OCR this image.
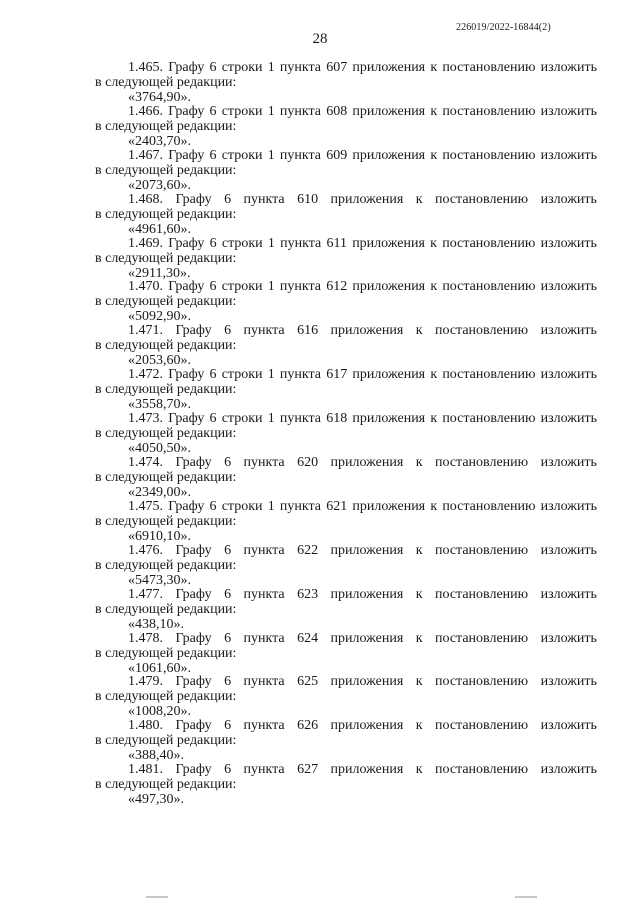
28
226019/2022-16844(2)
1.465. Графу 6 строки 1 пункта 607 приложения к постановлению изложить
в следующей редакции:
«3764,90».
1.466. Графу 6 строки 1 пункта 608 приложения к постановлению изложить
в следующей редакции:
«2403,70».
1.467. Графу 6 строки 1 пункта 609 приложения к постановлению изложить
в следующей редакции:
«2073,60».
1.468. Графу 6 пункта 610 приложения к постановлению изложить
в следующей редакции:
«4961,60».
1.469. Графу 6 строки 1 пункта 611 приложения к постановлению изложить
в следующей редакции:
«2911,30».
1.470. Графу 6 строки 1 пункта 612 приложения к постановлению изложить
в следующей редакции:
«5092,90».
1.471. Графу 6 пункта 616 приложения к постановлению изложить
в следующей редакции:
«2053,60».
1.472. Графу 6 строки 1 пункта 617 приложения к постановлению изложить
в следующей редакции:
«3558,70».
1.473. Графу 6 строки 1 пункта 618 приложения к постановлению изложить
в следующей редакции:
«4050,50».
1.474. Графу 6 пункта 620 приложения к постановлению изложить
в следующей редакции:
«2349,00».
1.475. Графу 6 строки 1 пункта 621 приложения к постановлению изложить
в следующей редакции:
«6910,10».
1.476. Графу 6 пункта 622 приложения к постановлению изложить
в следующей редакции:
«5473,30».
1.477. Графу 6 пункта 623 приложения к постановлению изложить
в следующей редакции:
«438,10».
1.478. Графу 6 пункта 624 приложения к постановлению изложить
в следующей редакции:
«1061,60».
1.479. Графу 6 пункта 625 приложения к постановлению изложить
в следующей редакции:
«1008,20».
1.480. Графу 6 пункта 626 приложения к постановлению изложить
в следующей редакции:
«388,40».
1.481. Графу 6 пункта 627 приложения к постановлению изложить
в следующей редакции:
«497,30».
